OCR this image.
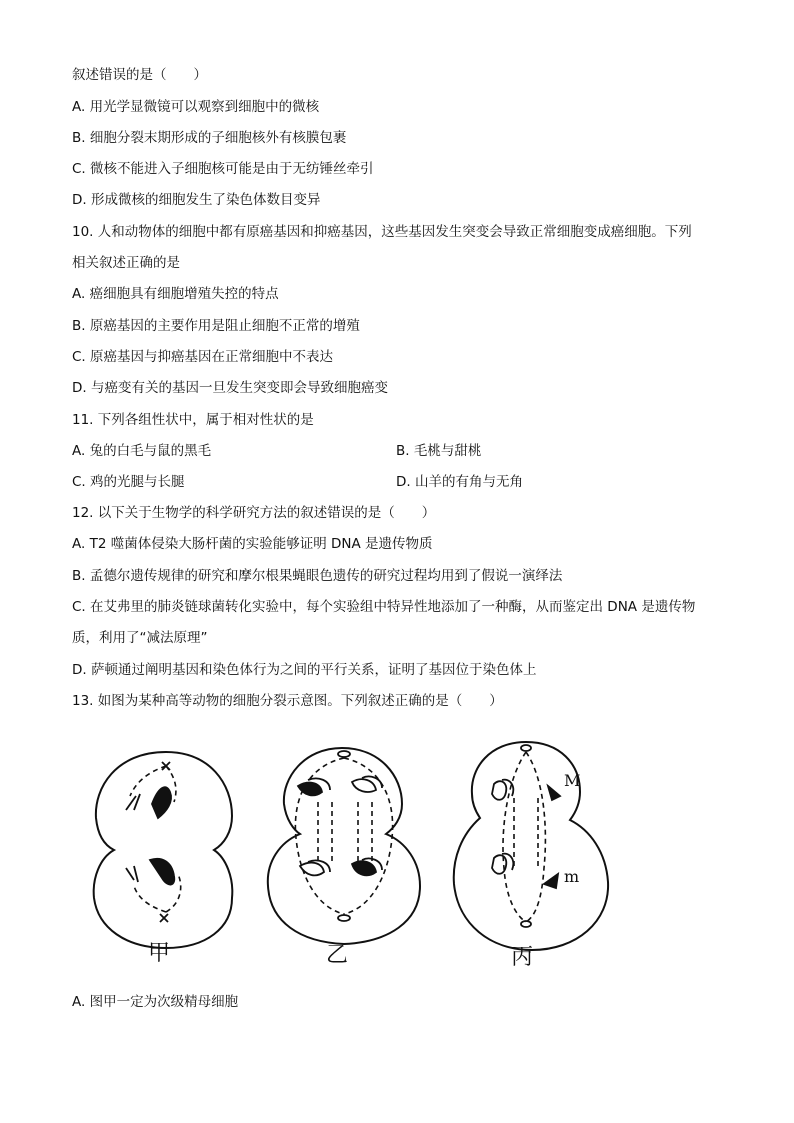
叙述错误的是（　　）
A. 用光学显微镜可以观察到细胞中的微核
B. 细胞分裂末期形成的子细胞核外有核膜包裹
C. 微核不能进入子细胞核可能是由于无纺锤丝牵引
D. 形成微核的细胞发生了染色体数目变异
10. 人和动物体的细胞中都有原癌基因和抑癌基因，这些基因发生突变会导致正常细胞变成癌细胞。下列
相关叙述正确的是
A. 癌细胞具有细胞增殖失控的特点
B. 原癌基因的主要作用是阻止细胞不正常的增殖
C. 原癌基因与抑癌基因在正常细胞中不表达
D. 与癌变有关的基因一旦发生突变即会导致细胞癌变
11. 下列各组性状中，属于相对性状的是
A. 兔的白毛与鼠的黑毛	B. 毛桃与甜桃
C. 鸡的光腿与长腿	D. 山羊的有角与无角
12. 以下关于生物学的科学研究方法的叙述错误的是（　　）
A. T2 噬菌体侵染大肠杆菌的实验能够证明 DNA 是遗传物质
B. 孟德尔遗传规律的研究和摩尔根果蝇眼色遗传的研究过程均用到了假说一演绎法
C. 在艾弗里的肺炎链球菌转化实验中，每个实验组中特异性地添加了一种酶，从而鉴定出 DNA 是遗传物
质，利用了“减法原理”
D. 萨顿通过阐明基因和染色体行为之间的平行关系，证明了基因位于染色体上
13. 如图为某种高等动物的细胞分裂示意图。下列叙述正确的是（　　）
M
m
甲	乙	丙
A. 图甲一定为次级精母细胞
